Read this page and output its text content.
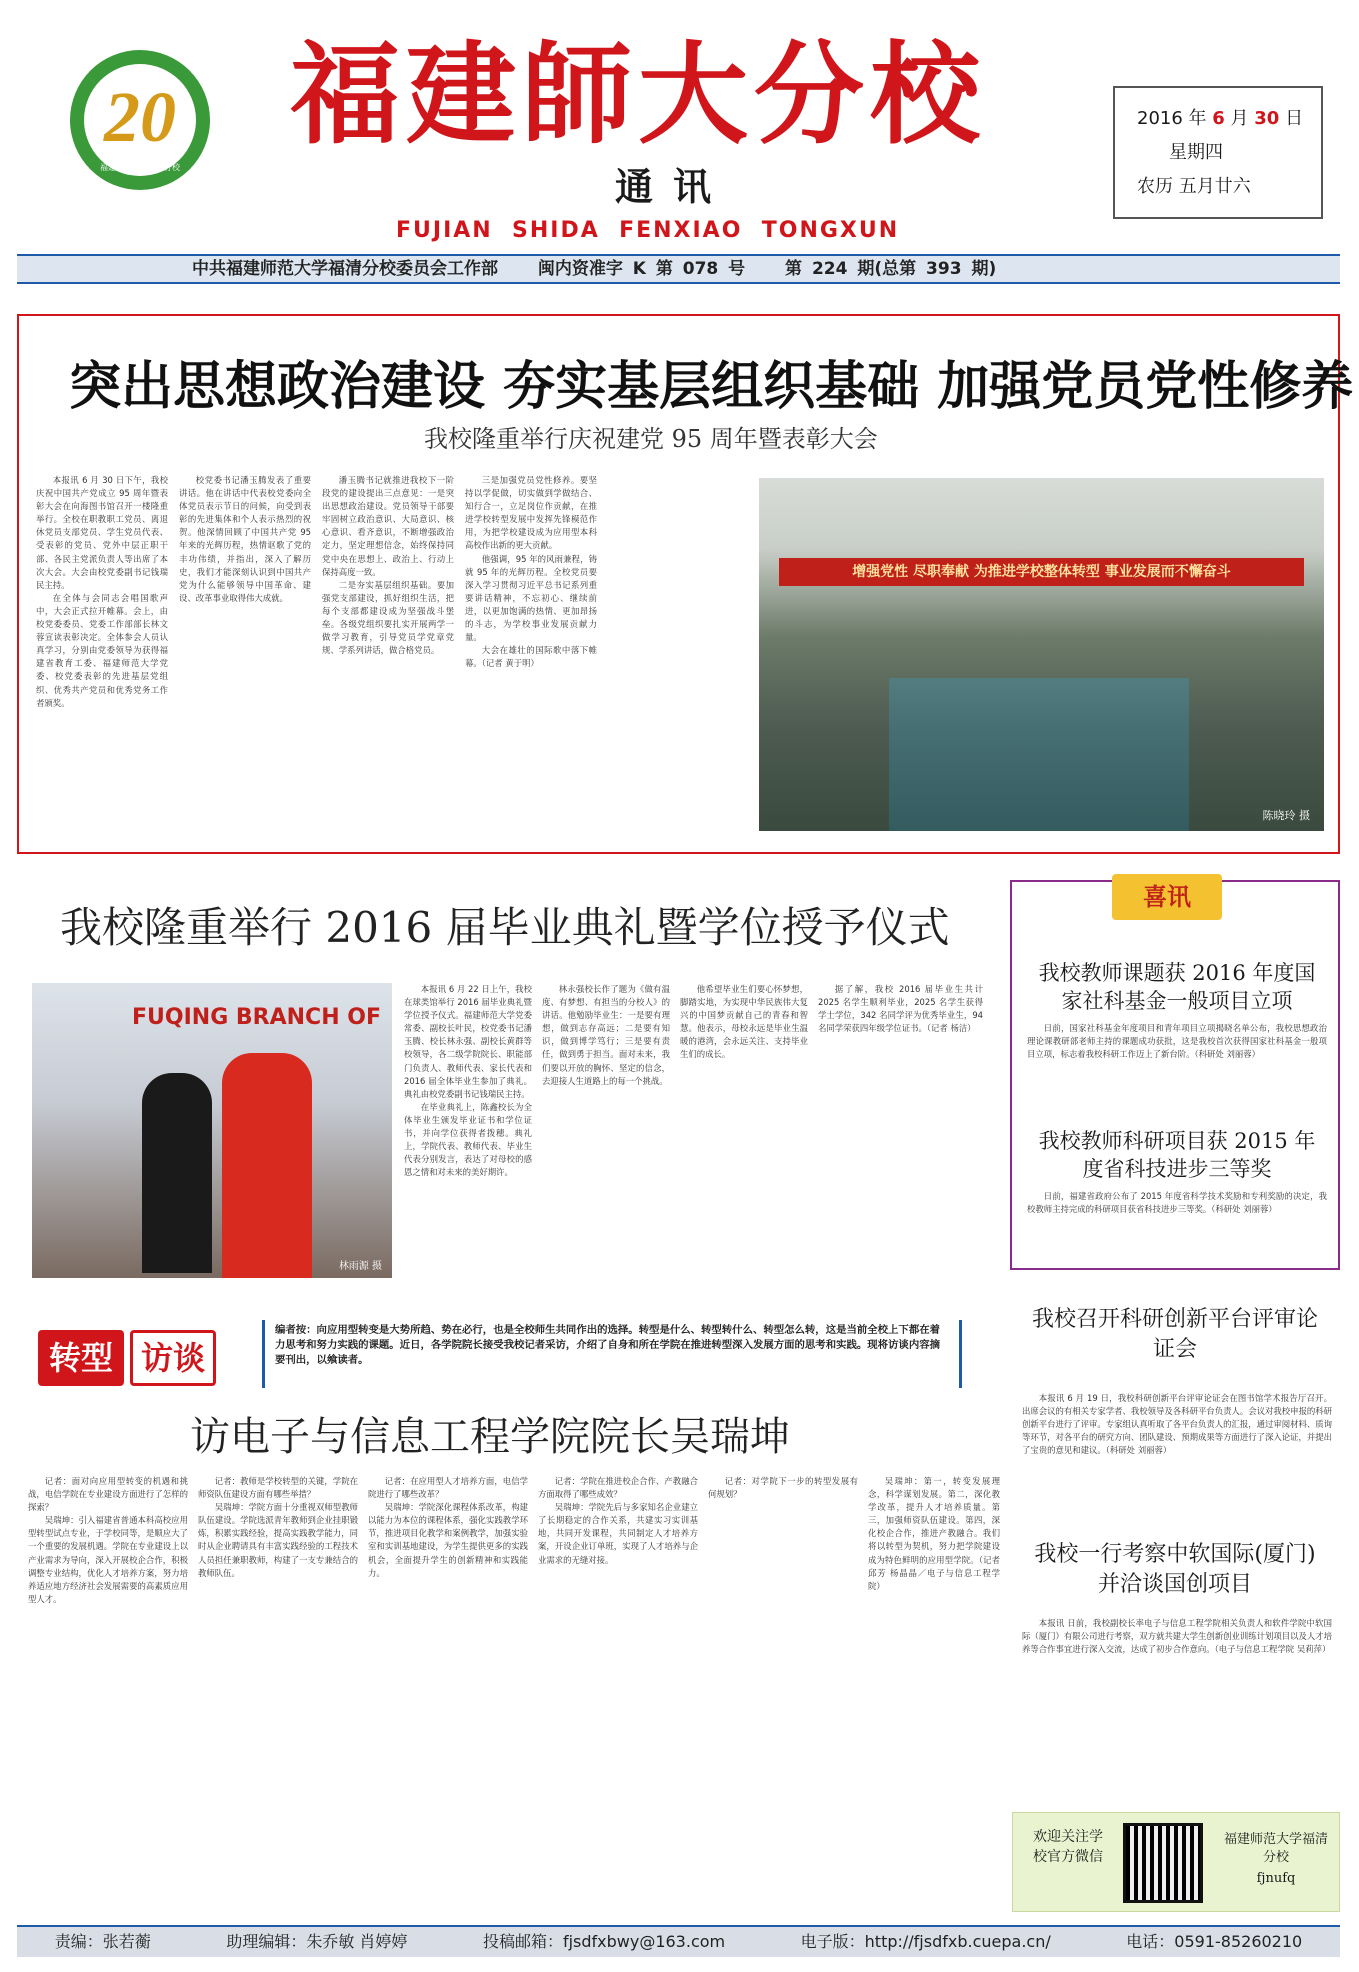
20
福建师范大学福清分校
福建師大分校
通讯
FUJIAN  SHIDA  FENXIAO  TONGXUN
2016 年 6 月 30 日
星期四
农历 五月廿六
中共福建师范大学福清分校委员会工作部 闽内资准字 K 第 078 号 第 224 期(总第 393 期)
突出思想政治建设 夯实基层组织基础 加强党员党性修养
我校隆重举行庆祝建党 95 周年暨表彰大会

本报讯 6 月 30 日下午，我校庆祝中国共产党成立 95 周年暨表彰大会在向海图书馆召开一楼隆重举行。全校在职教职工党员、离退休党员支部党员、学生党员代表、受表彰的党员、党外中层正职干部、各民主党派负责人等出席了本次大会。大会由校党委副书记钱瑞民主持。

在全体与会同志会唱国歌声中，大会正式拉开帷幕。会上，由校党委委员、党委工作部部长林文蓉宣读表彰决定。全体参会人员认真学习，分别由党委领导为获得福建省教育工委、福建师范大学党委、校党委表彰的先进基层党组织、优秀共产党员和优秀党务工作者颁奖。

校党委书记潘玉腾发表了重要讲话。他在讲话中代表校党委向全体党员表示节日的问候，向受到表彰的先进集体和个人表示热烈的祝贺。他深情回顾了中国共产党 95 年来的光辉历程，热情讴歌了党的丰功伟绩，并指出，深入了解历史，我们才能深刻认识到中国共产党为什么能够领导中国革命、建设、改革事业取得伟大成就。

潘玉腾书记就推进我校下一阶段党的建设提出三点意见：一是突出思想政治建设。党员领导干部要牢固树立政治意识、大局意识、核心意识、看齐意识，不断增强政治定力，坚定理想信念，始终保持同党中央在思想上、政治上、行动上保持高度一致。

二是夯实基层组织基础。要加强党支部建设，抓好组织生活，把每个支部都建设成为坚强战斗堡垒。各级党组织要扎实开展两学一做学习教育，引导党员学党章党规、学系列讲话，做合格党员。

三是加强党员党性修养。要坚持以学促做，切实做到学做结合、知行合一，立足岗位作贡献，在推进学校转型发展中发挥先锋模范作用，为把学校建设成为应用型本科高校作出新的更大贡献。

他强调，95 年的风雨兼程，铸就 95 年的光辉历程。全校党员要深入学习贯彻习近平总书记系列重要讲话精神，不忘初心、继续前进，以更加饱满的热情、更加昂扬的斗志，为学校事业发展贡献力量。

大会在雄壮的国际歌中落下帷幕。（记者 黄于明）

增强党性 尽职奉献 为推进学校整体转型 事业发展而不懈奋斗
陈晓玲 摄
我校隆重举行 2016 届毕业典礼暨学位授予仪式
FUQING BRANCH OF
林雨源 摄

本报讯 6 月 22 日上午，我校在球类馆举行 2016 届毕业典礼暨学位授予仪式。福建师范大学党委常委、副校长叶民，校党委书记潘玉腾、校长林永强、副校长黄群等校领导，各二级学院院长、职能部门负责人、教师代表、家长代表和 2016 届全体毕业生参加了典礼。典礼由校党委副书记钱瑞民主持。

在毕业典礼上，陈鑫校长为全体毕业生颁发毕业证书和学位证书，并向学位获得者拨穗。典礼上，学院代表、教师代表、毕业生代表分别发言，表达了对母校的感恩之情和对未来的美好期许。

林永强校长作了题为《做有温度、有梦想、有担当的分校人》的讲话。他勉励毕业生：一是要有理想，做到志存高远；二是要有知识，做到博学笃行；三是要有责任，做到勇于担当。面对未来，我们要以开放的胸怀、坚定的信念，去迎接人生道路上的每一个挑战。

他希望毕业生们要心怀梦想，脚踏实地，为实现中华民族伟大复兴的中国梦贡献自己的青春和智慧。他表示，母校永远是毕业生温暖的港湾，会永远关注、支持毕业生们的成长。

据了解，我校 2016 届毕业生共计 2025 名学生顺利毕业，2025 名学生获得学士学位，342 名同学评为优秀毕业生，94 名同学荣获四年级学位证书。（记者 杨洁）

喜讯
我校教师课题获 2016 年度国家社科基金一般项目立项
日前，国家社科基金年度项目和青年项目立项揭晓名单公布，我校思想政治理论课教研部老师主持的课题成功获批，这是我校首次获得国家社科基金一般项目立项，标志着我校科研工作迈上了新台阶。（科研处 刘丽蓉）
我校教师科研项目获 2015 年度省科技进步三等奖
日前，福建省政府公布了 2015 年度省科学技术奖励和专利奖励的决定，我校教师主持完成的科研项目获省科技进步三等奖。（科研处 刘丽蓉）
我校召开科研创新平台评审论证会
本报讯 6 月 19 日，我校科研创新平台评审论证会在图书馆学术报告厅召开。出席会议的有相关专家学者、我校领导及各科研平台负责人。会议对我校申报的科研创新平台进行了评审。专家组认真听取了各平台负责人的汇报，通过审阅材料、质询等环节，对各平台的研究方向、团队建设、预期成果等方面进行了深入论证，并提出了宝贵的意见和建议。（科研处 刘丽蓉）
我校一行考察中软国际(厦门)并洽谈国创项目
本报讯 日前，我校副校长率电子与信息工程学院相关负责人和软件学院中软国际（厦门）有限公司进行考察，双方就共建大学生创新创业训练计划项目以及人才培养等合作事宜进行深入交流，达成了初步合作意向。（电子与信息工程学院 吴莉萍）
欢迎关注学校官方微信
福建师范大学福清分校
fjnufq
转型 访谈
编者按：向应用型转变是大势所趋、势在必行，也是全校师生共同作出的选择。转型是什么、转型转什么、转型怎么转，这是当前全校上下都在着力思考和努力实践的课题。近日，各学院院长接受我校记者采访，介绍了自身和所在学院在推进转型深入发展方面的思考和实践。现将访谈内容摘要刊出，以飨读者。
访电子与信息工程学院院长吴瑞坤

记者：面对向应用型转变的机遇和挑战，电信学院在专业建设方面进行了怎样的探索？

吴瑞坤：引入福建省普通本科高校应用型转型试点专业，于学校同等，是顺应大了一个重要的发展机遇。学院在专业建设上以产业需求为导向，深入开展校企合作，积极调整专业结构，优化人才培养方案，努力培养适应地方经济社会发展需要的高素质应用型人才。

记者：教师是学校转型的关键，学院在师资队伍建设方面有哪些举措？

吴瑞坤：学院方面十分重视双师型教师队伍建设。学院选派青年教师到企业挂职锻炼，积累实践经验，提高实践教学能力，同时从企业聘请具有丰富实践经验的工程技术人员担任兼职教师，构建了一支专兼结合的教师队伍。

记者：在应用型人才培养方面，电信学院进行了哪些改革？

吴瑞坤：学院深化课程体系改革，构建以能力为本位的课程体系，强化实践教学环节，推进项目化教学和案例教学，加强实验室和实训基地建设，为学生提供更多的实践机会，全面提升学生的创新精神和实践能力。

记者：学院在推进校企合作、产教融合方面取得了哪些成效？

吴瑞坤：学院先后与多家知名企业建立了长期稳定的合作关系，共建实习实训基地，共同开发课程，共同制定人才培养方案，开设企业订单班，实现了人才培养与企业需求的无缝对接。

记者：对学院下一步的转型发展有何规划？

吴瑞坤：第一，转变发展理念，科学谋划发展。第二，深化教学改革，提升人才培养质量。第三，加强师资队伍建设。第四，深化校企合作，推进产教融合。我们将以转型为契机，努力把学院建设成为特色鲜明的应用型学院。（记者 邱芳 杨晶晶／电子与信息工程学院）

责编：张若蘅	助理编辑：朱乔敏 肖婷婷	投稿邮箱：fjsdfxbwy@163.com	电子版：http://fjsdfxb.cuepa.cn/	电话：0591-85260210
